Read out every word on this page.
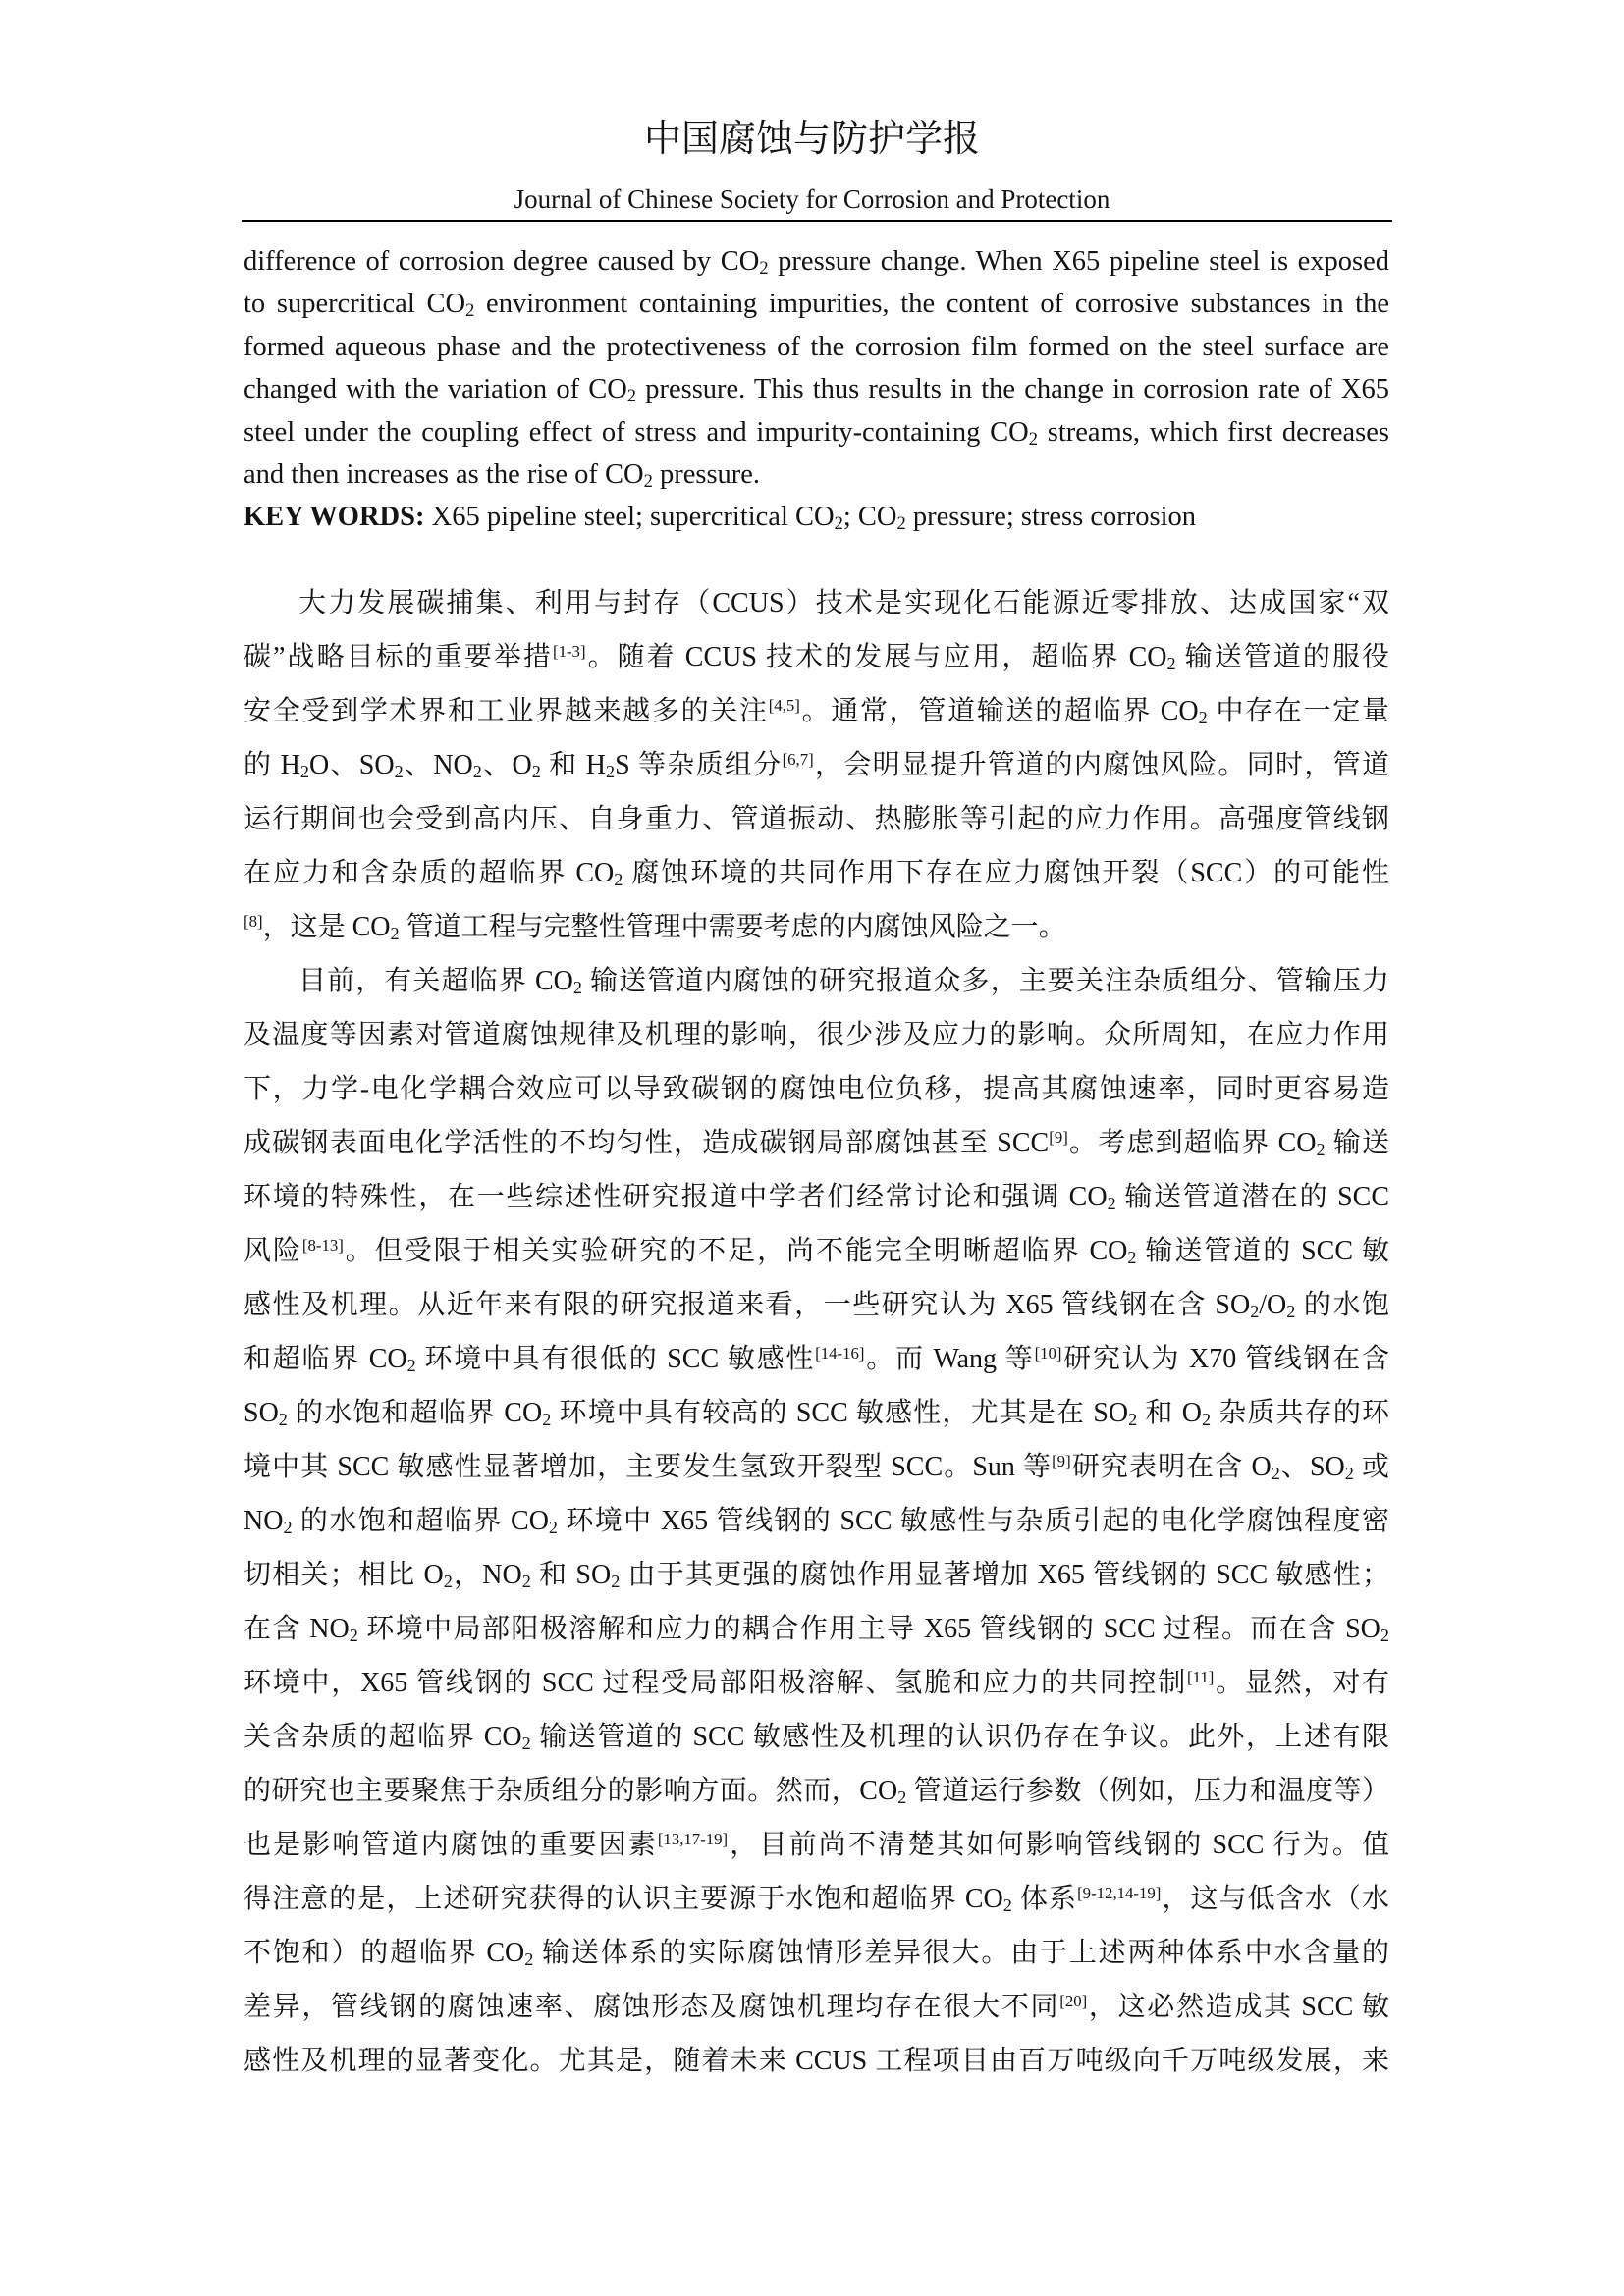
中国腐蚀与防护学报
Journal of Chinese Society for Corrosion and Protection
difference of corrosion degree caused by $CO_2$ pressure change. When X65 pipeline steel is exposed
to supercritical $CO_2$ environment containing impurities, the content of corrosive substances in the
formed aqueous phase and the protectiveness of the corrosion film formed on the steel surface are
changed with the variation of $CO_2$ pressure. This thus results in the change in corrosion rate of X65
steel under the coupling effect of stress and impurity-containing $CO_2$ streams, which first decreases
and then increases as the rise of $CO_2$ pressure.
KEY WORDS: X65 pipeline steel; supercritical $CO_2$; $CO_2$ pressure; stress corrosion
大力发展碳捕集、利用与封存（CCUS）技术是实现化石能源近零排放、达成国家“双
碳”战略目标的重要举措[1-3]。随着 CCUS 技术的发展与应用，超临界 $CO_2$ 输送管道的服役
安全受到学术界和工业界越来越多的关注[4,5]。通常，管道输送的超临界 $CO_2$ 中存在一定量
的 $H_2O$、$SO_2$、$NO_2$、$O_2$ 和 $H_2S$ 等杂质组分[6,7]，会明显提升管道的内腐蚀风险。同时，管道
运行期间也会受到高内压、自身重力、管道振动、热膨胀等引起的应力作用。高强度管线钢
在应力和含杂质的超临界 $CO_2$ 腐蚀环境的共同作用下存在应力腐蚀开裂（SCC）的可能性
[8]，这是 $CO_2$ 管道工程与完整性管理中需要考虑的内腐蚀风险之一。
目前，有关超临界 $CO_2$ 输送管道内腐蚀的研究报道众多，主要关注杂质组分、管输压力
及温度等因素对管道腐蚀规律及机理的影响，很少涉及应力的影响。众所周知，在应力作用
下，力学-电化学耦合效应可以导致碳钢的腐蚀电位负移，提高其腐蚀速率，同时更容易造
成碳钢表面电化学活性的不均匀性，造成碳钢局部腐蚀甚至 SCC[9]。考虑到超临界 $CO_2$ 输送
环境的特殊性，在一些综述性研究报道中学者们经常讨论和强调 $CO_2$ 输送管道潜在的 SCC
风险[8-13]。但受限于相关实验研究的不足，尚不能完全明晰超临界 $CO_2$ 输送管道的 SCC 敏
感性及机理。从近年来有限的研究报道来看，一些研究认为 X65 管线钢在含 $SO_2/O_2$ 的水饱
和超临界 $CO_2$ 环境中具有很低的 SCC 敏感性[14-16]。而 Wang 等[10]研究认为 X70 管线钢在含
$SO_2$ 的水饱和超临界 $CO_2$ 环境中具有较高的 SCC 敏感性，尤其是在 $SO_2$ 和 $O_2$ 杂质共存的环
境中其 SCC 敏感性显著增加，主要发生氢致开裂型 SCC。Sun 等[9]研究表明在含 $O_2$、$SO_2$ 或
$NO_2$ 的水饱和超临界 $CO_2$ 环境中 X65 管线钢的 SCC 敏感性与杂质引起的电化学腐蚀程度密
切相关；相比 $O_2$，$NO_2$ 和 $SO_2$ 由于其更强的腐蚀作用显著增加 X65 管线钢的 SCC 敏感性；
在含 $NO_2$ 环境中局部阳极溶解和应力的耦合作用主导 X65 管线钢的 SCC 过程。而在含 $SO_2$
环境中，X65 管线钢的 SCC 过程受局部阳极溶解、氢脆和应力的共同控制[11]。显然，对有
关含杂质的超临界 $CO_2$ 输送管道的 SCC 敏感性及机理的认识仍存在争议。此外，上述有限
的研究也主要聚焦于杂质组分的影响方面。然而，$CO_2$ 管道运行参数（例如，压力和温度等）
也是影响管道内腐蚀的重要因素[13,17-19]，目前尚不清楚其如何影响管线钢的 SCC 行为。值
得注意的是，上述研究获得的认识主要源于水饱和超临界 $CO_2$ 体系[9-12,14-19]，这与低含水（水
不饱和）的超临界 $CO_2$ 输送体系的实际腐蚀情形差异很大。由于上述两种体系中水含量的
差异，管线钢的腐蚀速率、腐蚀形态及腐蚀机理均存在很大不同[20]，这必然造成其 SCC 敏
感性及机理的显著变化。尤其是，随着未来 CCUS 工程项目由百万吨级向千万吨级发展，来
